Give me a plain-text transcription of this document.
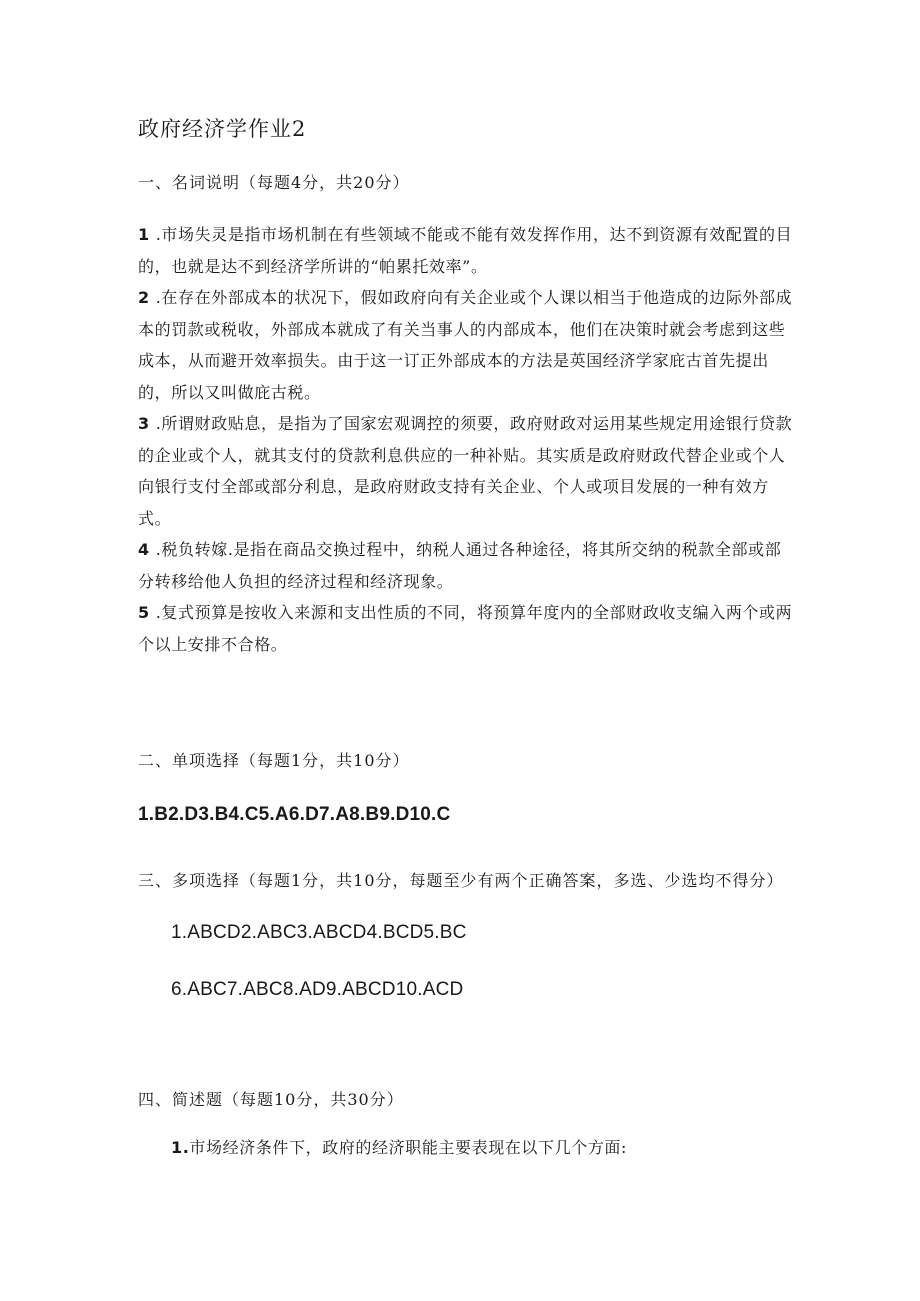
政府经济学作业2
一、名词说明（每题4分，共20分）

1 .市场失灵是指市场机制在有些领域不能或不能有效发挥作用，达不到资源有效配置的目的，也就是达不到经济学所讲的“帕累托效率”。

2 .在存在外部成本的状况下，假如政府向有关企业或个人课以相当于他造成的边际外部成本的罚款或税收，外部成本就成了有关当事人的内部成本，他们在决策时就会考虑到这些成本，从而避开效率损失。由于这一订正外部成本的方法是英国经济学家庇古首先提出的，所以又叫做庇古税。

3 .所谓财政贴息，是指为了国家宏观调控的须要，政府财政对运用某些规定用途银行贷款的企业或个人，就其支付的贷款利息供应的一种补贴。其实质是政府财政代替企业或个人向银行支付全部或部分利息，是政府财政支持有关企业、个人或项目发展的一种有效方式。

4 .税负转嫁.是指在商品交换过程中，纳税人通过各种途径，将其所交纳的税款全部或部分转移给他人负担的经济过程和经济现象。

5 .复式预算是按收入来源和支出性质的不同，将预算年度内的全部财政收支编入两个或两个以上安排不合格。

二、单项选择（每题1分，共10分）
1.B2.D3.B4.C5.A6.D7.A8.B9.D10.C
三、多项选择（每题1分，共10分，每题至少有两个正确答案，多选、少选均不得分）
1.ABCD2.ABC3.ABCD4.BCD5.BC
6.ABC7.ABC8.AD9.ABCD10.ACD
四、简述题（每题10分，共30分）
1.市场经济条件下，政府的经济职能主要表现在以下几个方面:
